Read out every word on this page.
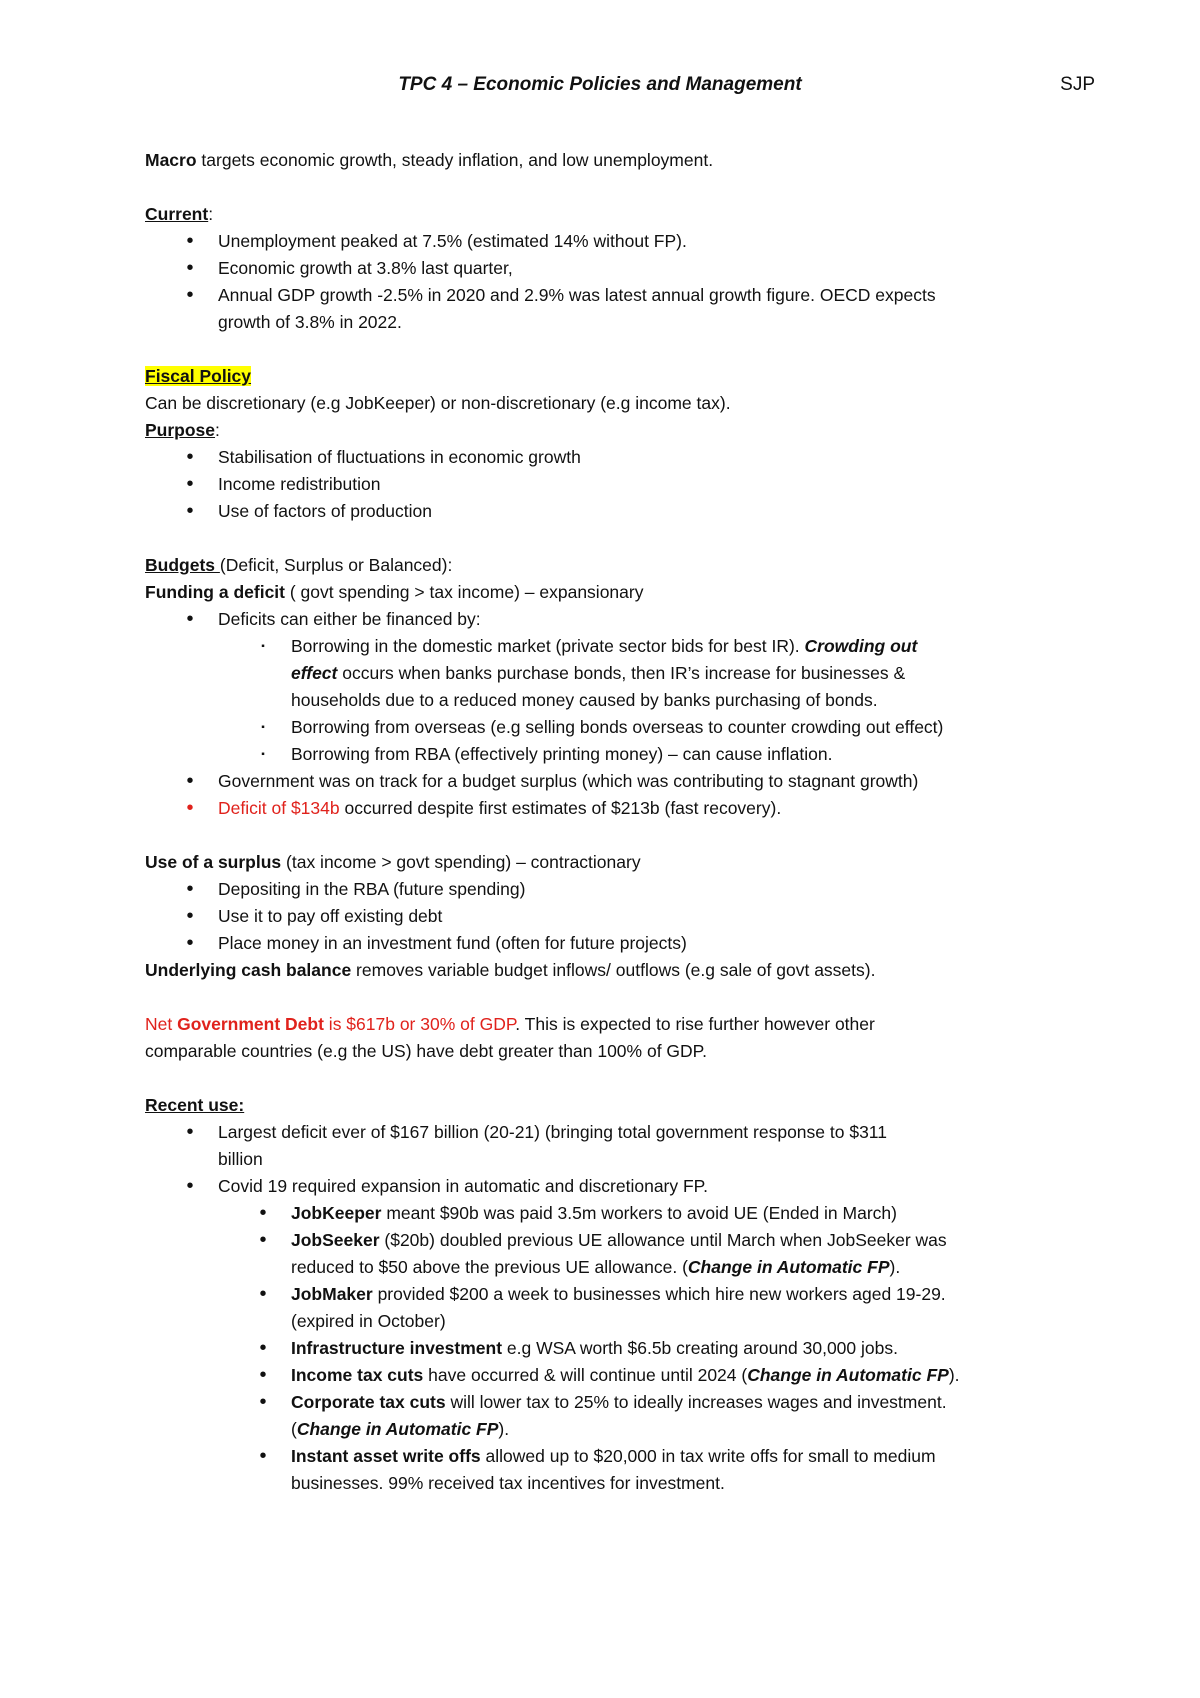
TPC 4 – Economic Policies and Management	SJP
Macro targets economic growth, steady inflation, and low unemployment.
Current:
• Unemployment peaked at 7.5% (estimated 14% without FP).
• Economic growth at 3.8% last quarter,
• Annual GDP growth -2.5% in 2020 and 2.9% was latest annual growth figure. OECD expects
growth of 3.8% in 2022.
Fiscal Policy
Can be discretionary (e.g JobKeeper) or non-discretionary (e.g income tax).
Purpose:
• Stabilisation of fluctuations in economic growth
• Income redistribution
• Use of factors of production
Budgets (Deficit, Surplus or Balanced):
Funding a deficit ( govt spending > tax income) – expansionary
• Deficits can either be financed by:
▪ Borrowing in the domestic market (private sector bids for best IR). Crowding out
effect occurs when banks purchase bonds, then IR’s increase for businesses &
households due to a reduced money caused by banks purchasing of bonds.
▪ Borrowing from overseas (e.g selling bonds overseas to counter crowding out effect)
▪ Borrowing from RBA (effectively printing money) – can cause inflation.
• Government was on track for a budget surplus (which was contributing to stagnant growth)
• Deficit of $134b occurred despite first estimates of $213b (fast recovery).
Use of a surplus (tax income > govt spending) – contractionary
• Depositing in the RBA (future spending)
• Use it to pay off existing debt
• Place money in an investment fund (often for future projects)
Underlying cash balance removes variable budget inflows/ outflows (e.g sale of govt assets).
Net Government Debt is $617b or 30% of GDP. This is expected to rise further however other
comparable countries (e.g the US) have debt greater than 100% of GDP.
Recent use:
• Largest deficit ever of $167 billion (20-21) (bringing total government response to $311
billion
• Covid 19 required expansion in automatic and discretionary FP.
• JobKeeper meant $90b was paid 3.5m workers to avoid UE (Ended in March)
• JobSeeker ($20b) doubled previous UE allowance until March when JobSeeker was
reduced to $50 above the previous UE allowance. (Change in Automatic FP).
• JobMaker provided $200 a week to businesses which hire new workers aged 19-29.
(expired in October)
• Infrastructure investment e.g WSA worth $6.5b creating around 30,000 jobs.
• Income tax cuts have occurred & will continue until 2024 (Change in Automatic FP).
• Corporate tax cuts will lower tax to 25% to ideally increases wages and investment.
(Change in Automatic FP).
• Instant asset write offs allowed up to $20,000 in tax write offs for small to medium
businesses. 99% received tax incentives for investment.
